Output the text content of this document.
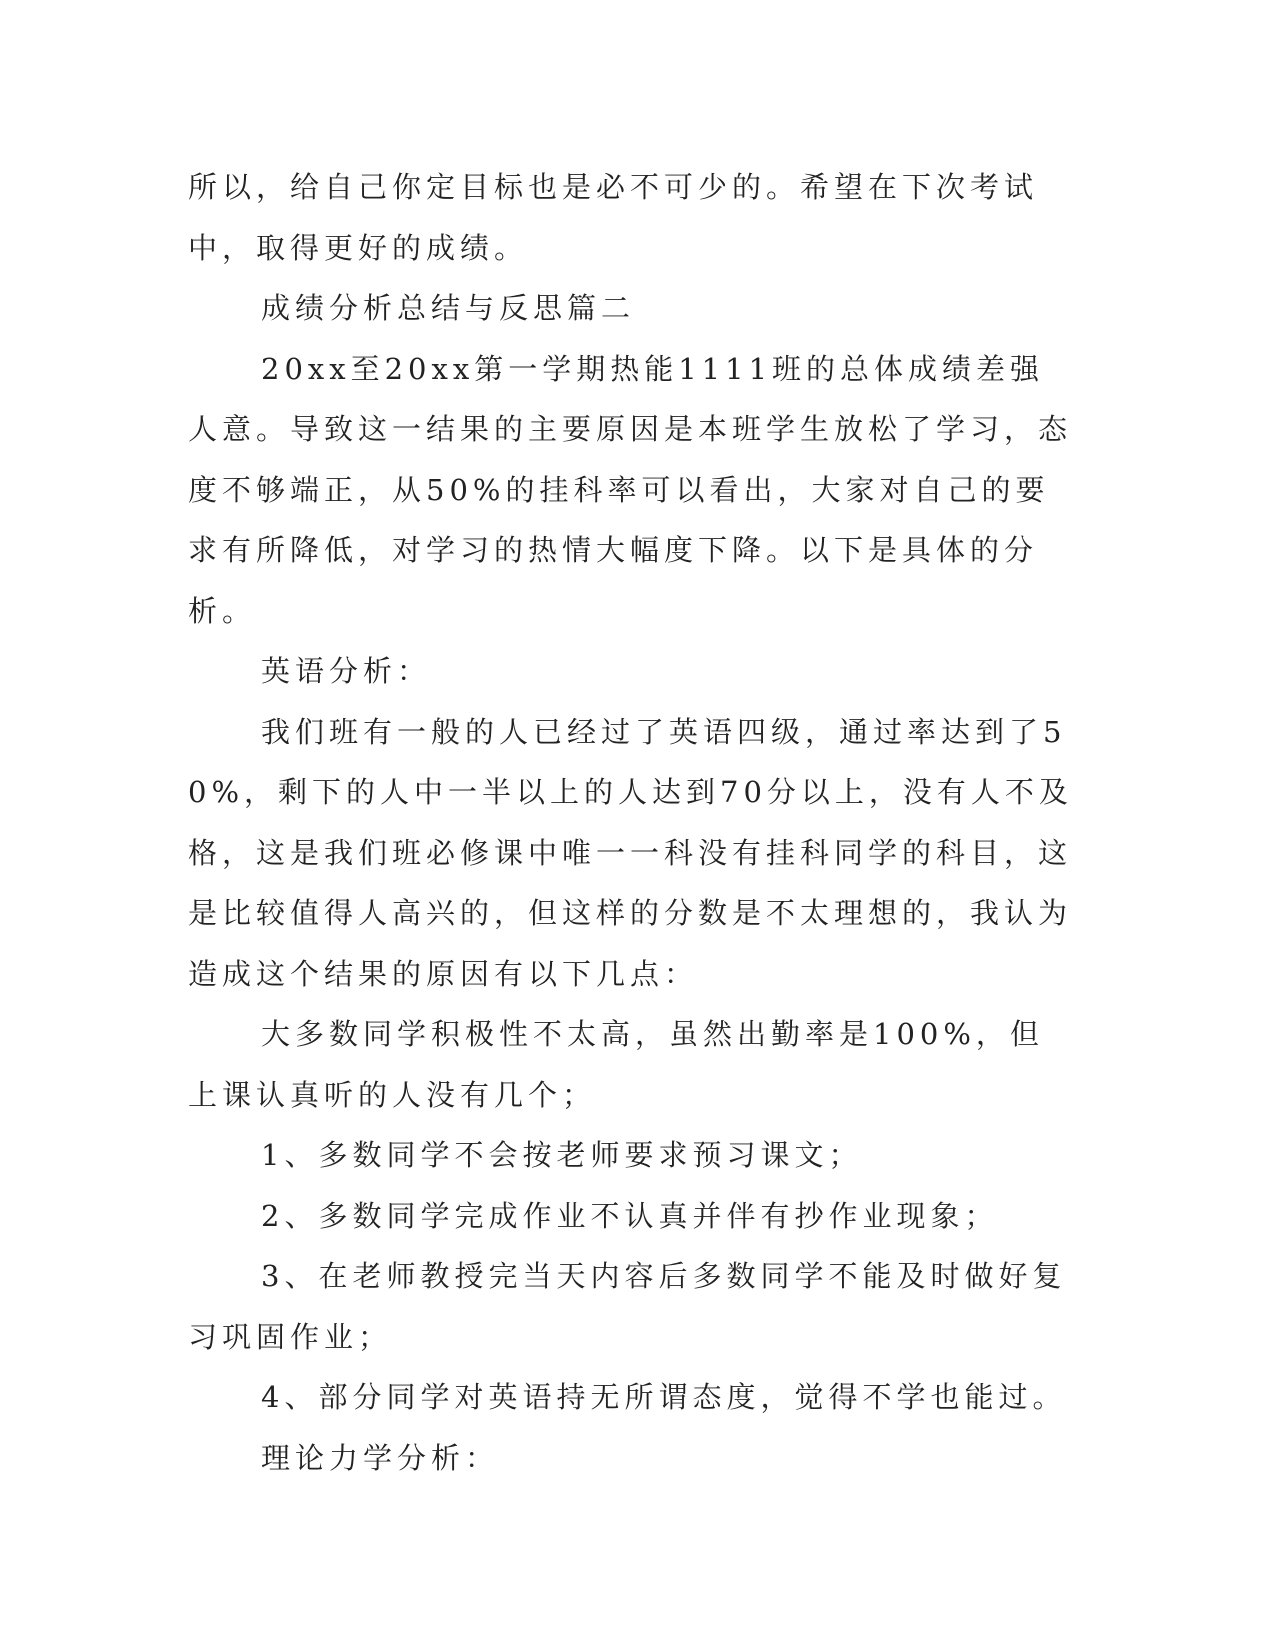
所以，给自己你定目标也是必不可少的。希望在下次考试中，取得更好的成绩。

成绩分析总结与反思篇二

20xx至20xx第一学期热能1111班的总体成绩差强人意。导致这一结果的主要原因是本班学生放松了学习，态度不够端正，从50%的挂科率可以看出，大家对自己的要求有所降低，对学习的热情大幅度下降。以下是具体的分析。

英语分析：

我们班有一般的人已经过了英语四级，通过率达到了50%，剩下的人中一半以上的人达到70分以上，没有人不及格，这是我们班必修课中唯一一科没有挂科同学的科目，这是比较值得人高兴的，但这样的分数是不太理想的，我认为造成这个结果的原因有以下几点：

大多数同学积极性不太高，虽然出勤率是100%，但上课认真听的人没有几个；

1、多数同学不会按老师要求预习课文；

2、多数同学完成作业不认真并伴有抄作业现象；

3、在老师教授完当天内容后多数同学不能及时做好复习巩固作业；

4、部分同学对英语持无所谓态度，觉得不学也能过。

理论力学分析：
